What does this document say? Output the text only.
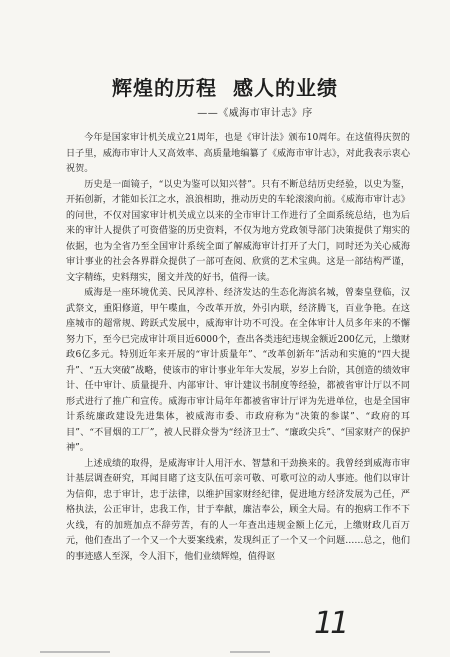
辉煌的历程  感人的业绩
——《威海市审计志》序

今年是国家审计机关成立21周年，也是《审计法》颁布10周年。在这值得庆贺的日子里，威海市审计人又高效率、高质量地编纂了《威海市审计志》，对此我表示衷心祝贺。

历史是一面镜子，“以史为鉴可以知兴替”。只有不断总结历史经验，以史为鉴，开拓创新，才能如长江之水，浪浪相助，推动历史的车轮滚滚向前。《威海市审计志》的问世，不仅对国家审计机关成立以来的全市审计工作进行了全面系统总结，也为后来的审计人提供了可资借鉴的历史资料，不仅为地方党政领导部门决策提供了翔实的依据，也为全省乃至全国审计系统全面了解威海审计打开了大门，同时还为关心威海审计事业的社会各界群众提供了一部可查阅、欣赏的艺术宝典。这是一部结构严谨，文字精练，史料翔实，图文并茂的好书，值得一读。

威海是一座环境优美、民风淳朴、经济发达的生态化海滨名城，曾秦皇登临，汉武祭文，重阳修道，甲午喋血，今改革开放，外引内联，经济腾飞，百业争艳。在这座城市的超常规、跨跃式发展中，威海审计功不可没。在全体审计人员多年来的不懈努力下，至今已完成审计项目近6000个，查出各类违纪违规金额近200亿元，上缴财政6亿多元。特别近年来开展的“审计质量年”、“改革创新年”活动和实施的“四大提升”、“五大突破”战略，使该市的审计事业年年大发展，岁岁上台阶，其创造的绩效审计、任中审计、质量提升、内部审计、审计建议书制度等经验，都被省审计厅以不同形式进行了推广和宣传。威海市审计局年年都被省审计厅评为先进单位，也是全国审计系统廉政建设先进集体，被威海市委、市政府称为“决策的参谋”、“政府的耳目”、“不冒烟的工厂”，被人民群众誉为“经济卫士”、“廉政尖兵”、“国家财产的保护神”。

上述成绩的取得，是威海审计人用汗水、智慧和干劲换来的。我曾经到威海市审计基层调查研究，耳闻目睹了这支队伍可亲可敬、可歌可泣的动人事迹。他们以审计为信仰，忠于审计，忠于法律，以维护国家财经纪律，促进地方经济发展为己任，严格执法，公正审计，忠我工作，甘于奉献，廉洁奉公，顾全大局。有的抱病工作不下火线，有的加班加点不辞劳苦，有的人一年查出违规金额上亿元，上缴财政几百万元，他们查出了一个又一个大要案线索，发现纠正了一个又一个问题……总之，他们的事迹感人至深，令人泪下，他们业绩辉煌，值得讴

11
